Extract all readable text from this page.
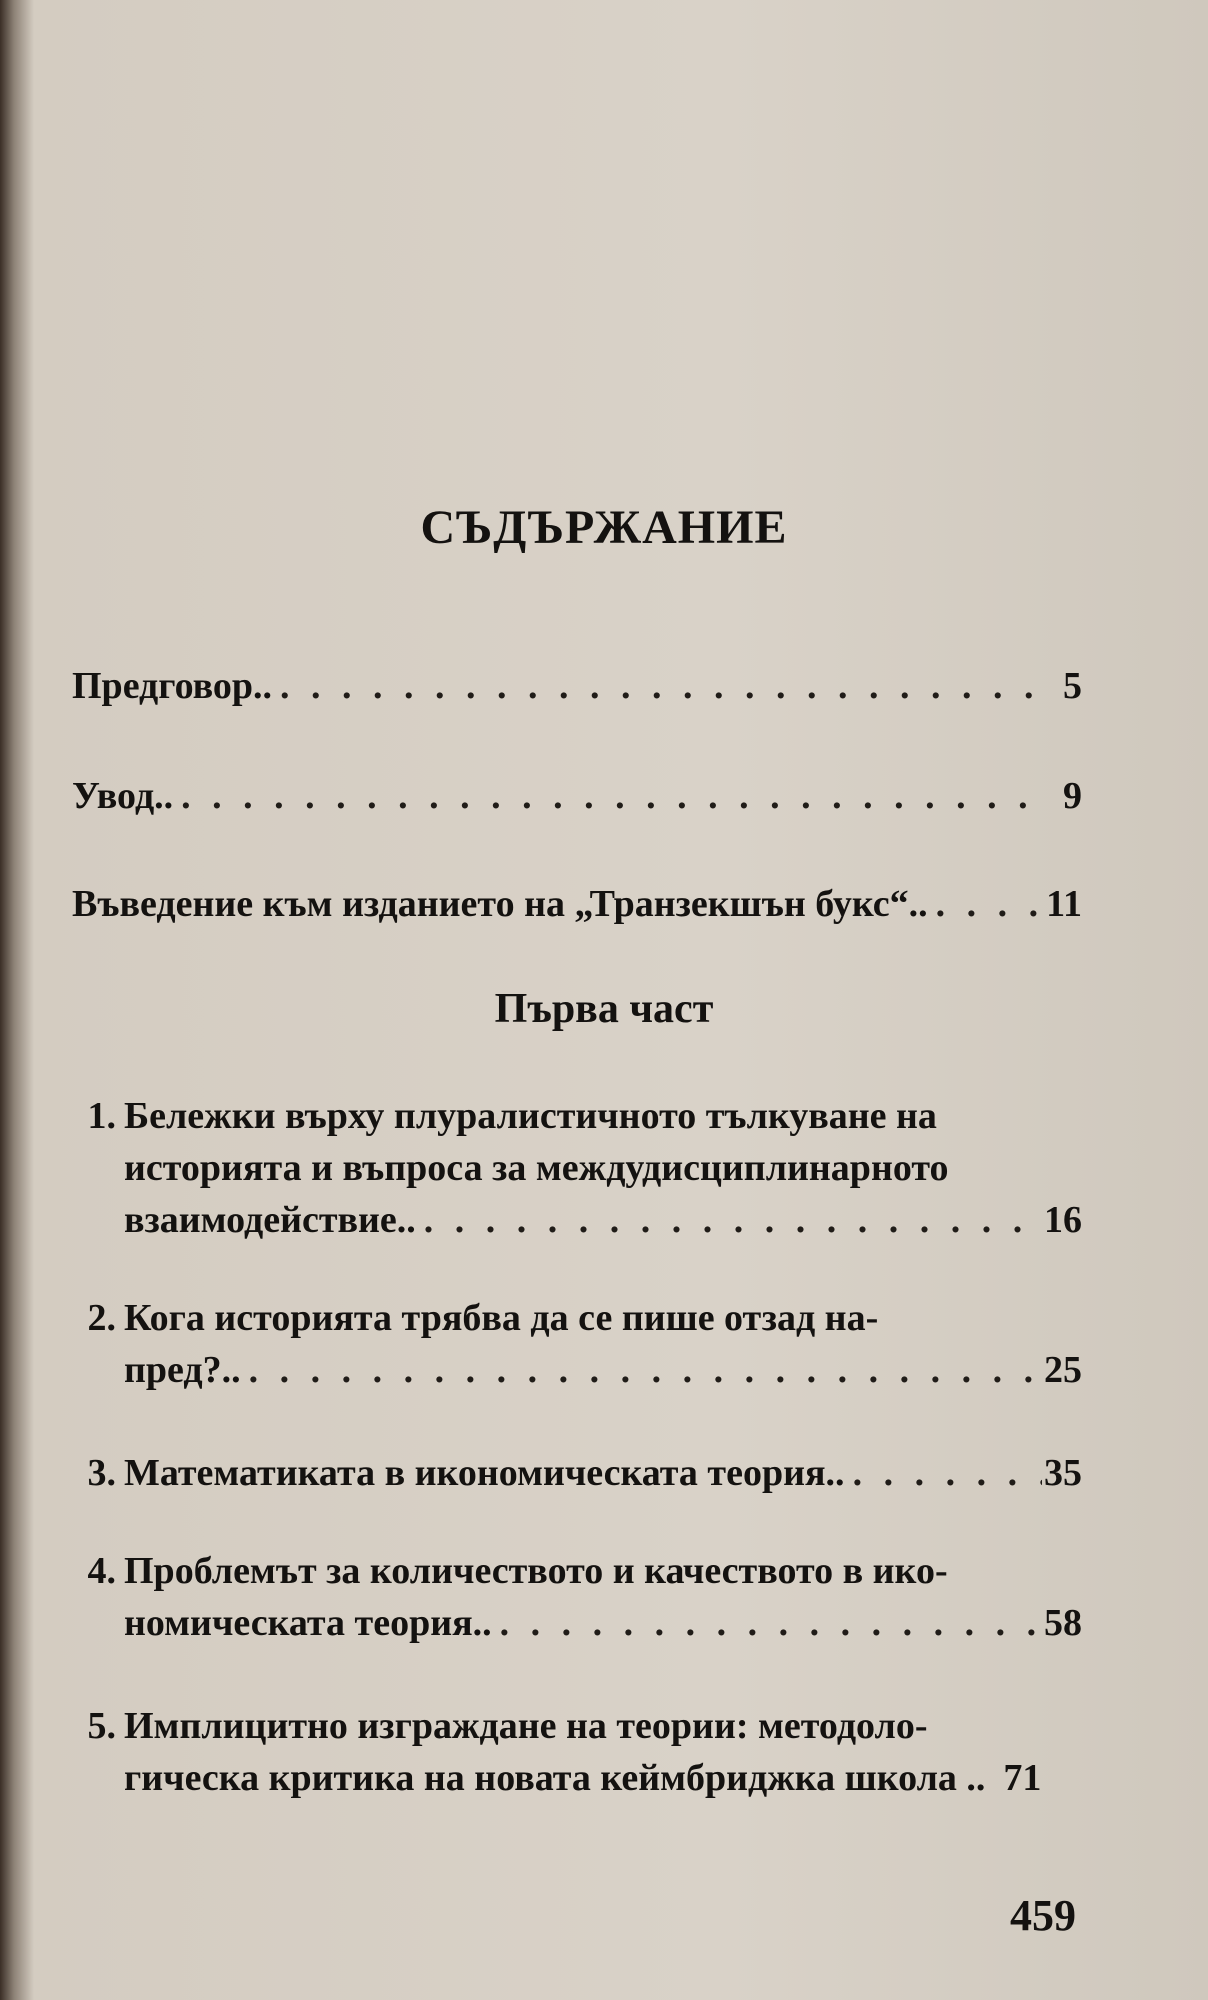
СЪДЪРЖАНИЕ
Предговор.. . . .	5
Увод.. . . .	9
Въведение към изданието на „Транзекшън букс“.. . . .	11
Първа част
1. Бележки върху плуралистичното тълкуване на
историята и въпроса за междудисциплинарното
взаимодействие.. . . .	16
2. Кога историята трябва да се пише отзад на-
пред?.. . . .	25
3. Математиката в икономическата теория.. . . .	35
4. Проблемът за количеството и качеството в ико-
номическата теория.. . . .	58
5. Имплицитно изграждане на теории: методоло-
гическа критика на новата кеймбриджка школа .. 71
459
